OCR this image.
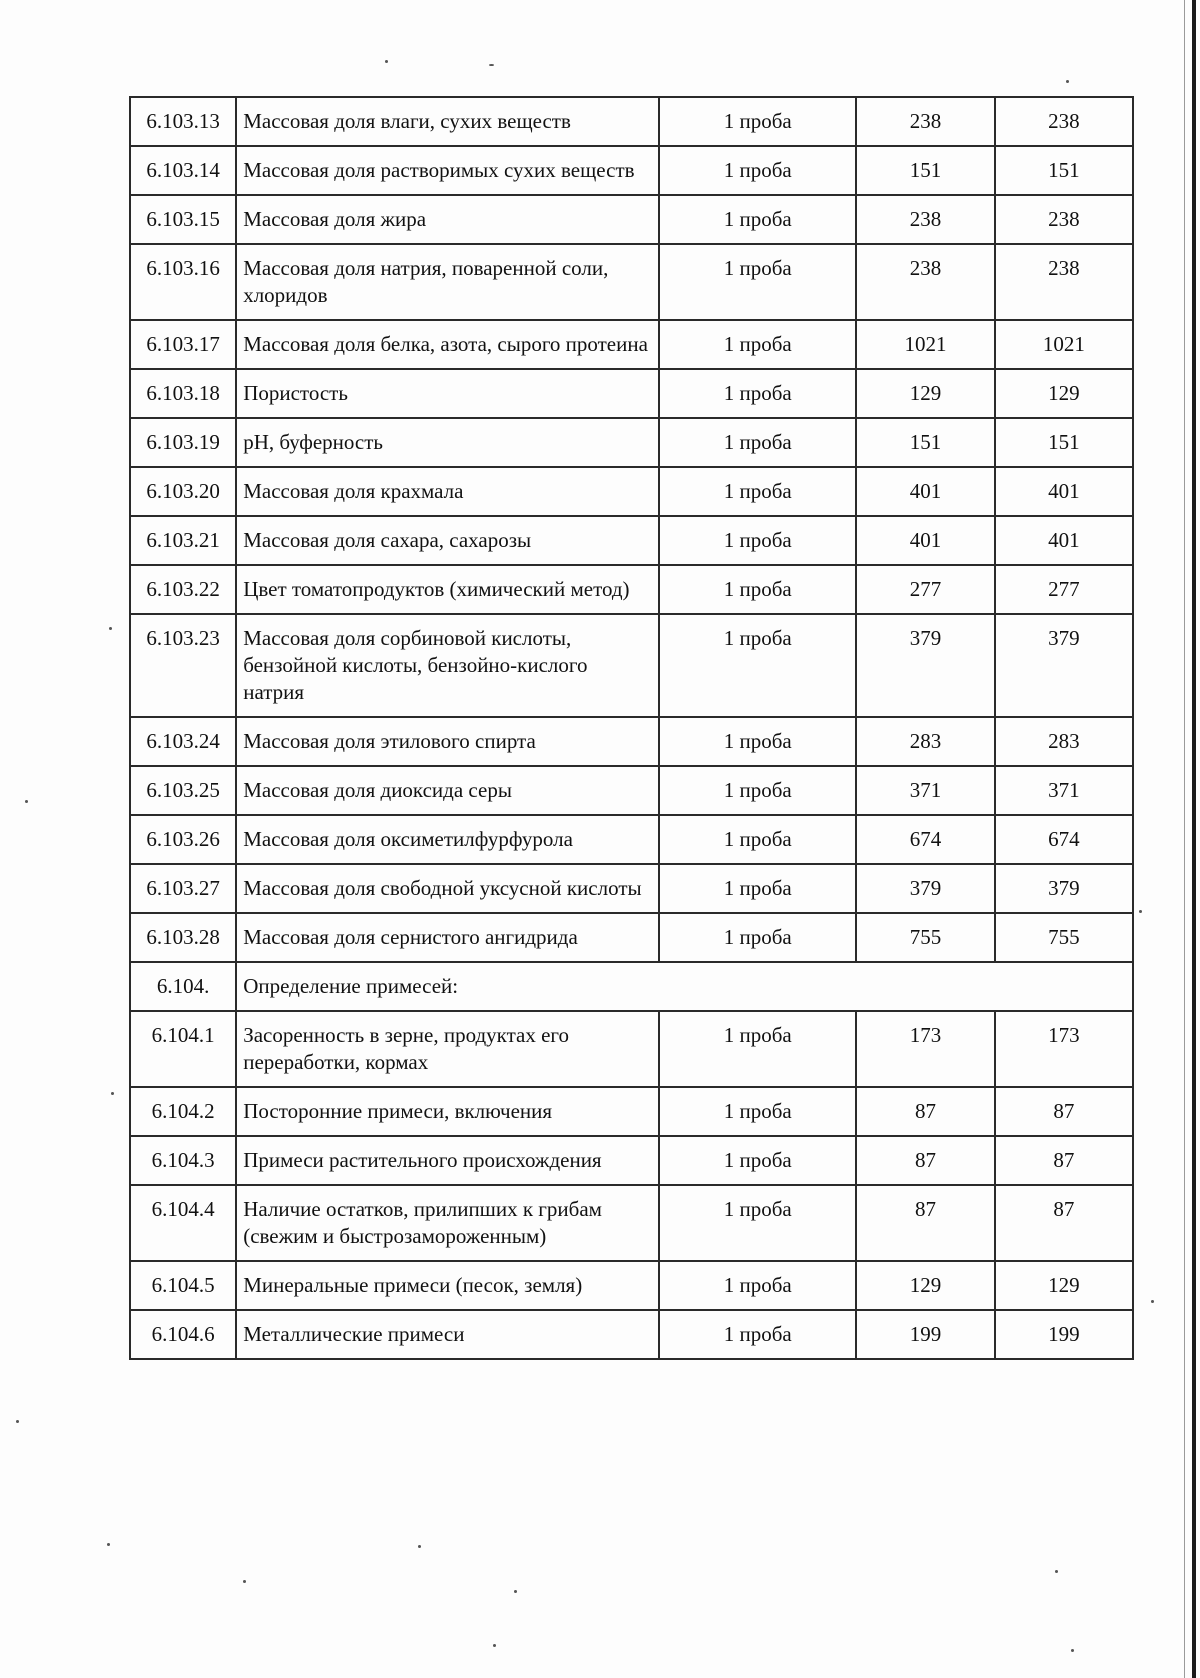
6.103.13	Массовая доля влаги, сухих веществ	1 проба	238	238
6.103.14	Массовая доля растворимых сухих веществ	1 проба	151	151
6.103.15	Массовая доля жира	1 проба	238	238
6.103.16	Массовая доля натрия, поваренной соли, хлоридов	1 проба	238	238
6.103.17	Массовая доля белка, азота, сырого протеина	1 проба	1021	1021
6.103.18	Пористость	1 проба	129	129
6.103.19	pH, буферность	1 проба	151	151
6.103.20	Массовая доля крахмала	1 проба	401	401
6.103.21	Массовая доля сахара, сахарозы	1 проба	401	401
6.103.22	Цвет томатопродуктов (химический метод)	1 проба	277	277
6.103.23	Массовая доля сорбиновой кислоты, бензойной кислоты, бензойно-кислого натрия	1 проба	379	379
6.103.24	Массовая доля этилового спирта	1 проба	283	283
6.103.25	Массовая доля диоксида серы	1 проба	371	371
6.103.26	Массовая доля оксиметилфурфурола	1 проба	674	674
6.103.27	Массовая доля свободной уксусной кислоты	1 проба	379	379
6.103.28	Массовая доля сернистого ангидрида	1 проба	755	755
6.104.	Определение примесей:			
6.104.1	Засоренность в зерне, продуктах его переработки, кормах	1 проба	173	173
6.104.2	Посторонние примеси, включения	1 проба	87	87
6.104.3	Примеси растительного происхождения	1 проба	87	87
6.104.4	Наличие остатков, прилипших к грибам (свежим и быстрозамороженным)	1 проба	87	87
6.104.5	Минеральные примеси (песок, земля)	1 проба	129	129
6.104.6	Металлические примеси	1 проба	199	199
